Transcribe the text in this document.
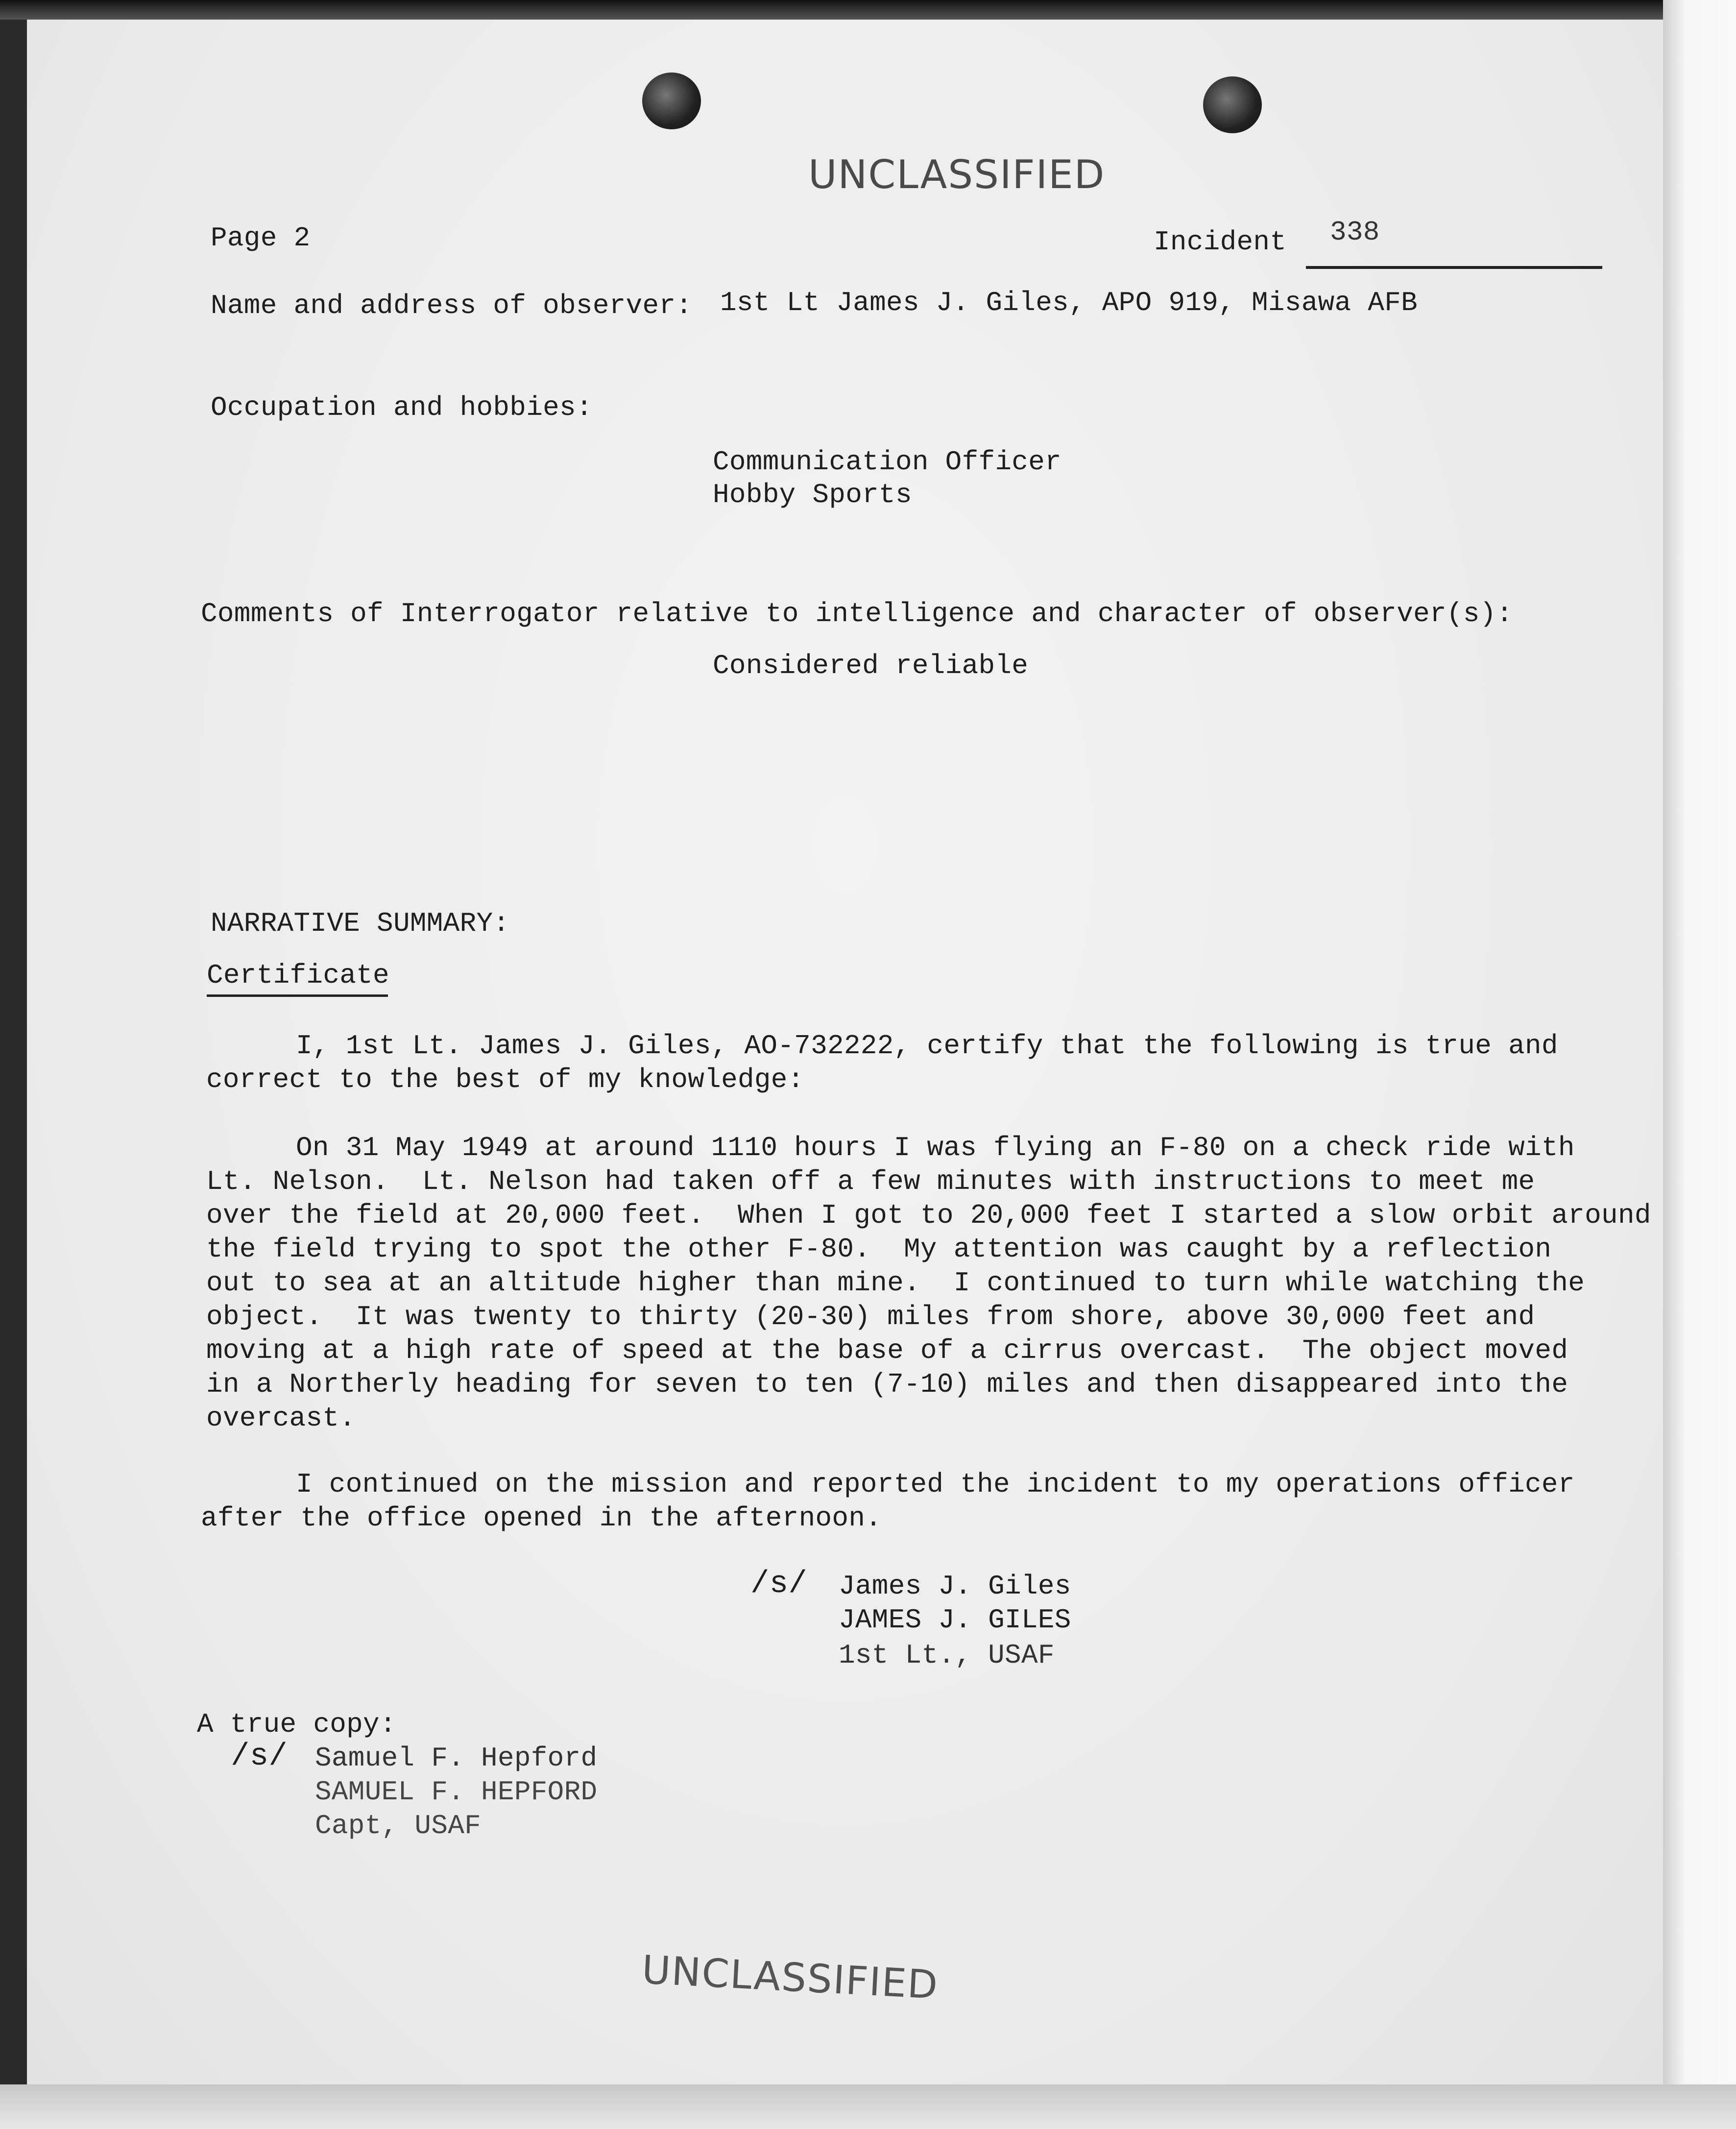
UNCLASSIFIED
Page 2	Incident 338
Name and address of observer: 1st Lt James J. Giles, APO 919, Misawa AFB
Occupation and hobbies:
Communication Officer
Hobby Sports
Comments of Interrogator relative to intelligence and character of observer(s):
Considered reliable
NARRATIVE SUMMARY:
Certificate
I, 1st Lt. James J. Giles, AO-732222, certify that the following is true and
correct to the best of my knowledge:
On 31 May 1949 at around 1110 hours I was flying an F-80 on a check ride with
Lt. Nelson.  Lt. Nelson had taken off a few minutes with instructions to meet me
over the field at 20,000 feet.  When I got to 20,000 feet I started a slow orbit around
the field trying to spot the other F-80.  My attention was caught by a reflection
out to sea at an altitude higher than mine.  I continued to turn while watching the
object.  It was twenty to thirty (20-30) miles from shore, above 30,000 feet and
moving at a high rate of speed at the base of a cirrus overcast.  The object moved
in a Northerly heading for seven to ten (7-10) miles and then disappeared into the
overcast.
I continued on the mission and reported the incident to my operations officer
after the office opened in the afternoon.
/s/ James J. Giles
JAMES J. GILES
1st Lt., USAF
A true copy:
/s/ Samuel F. Hepford
SAMUEL F. HEPFORD
Capt, USAF
UNCLASSIFIED
